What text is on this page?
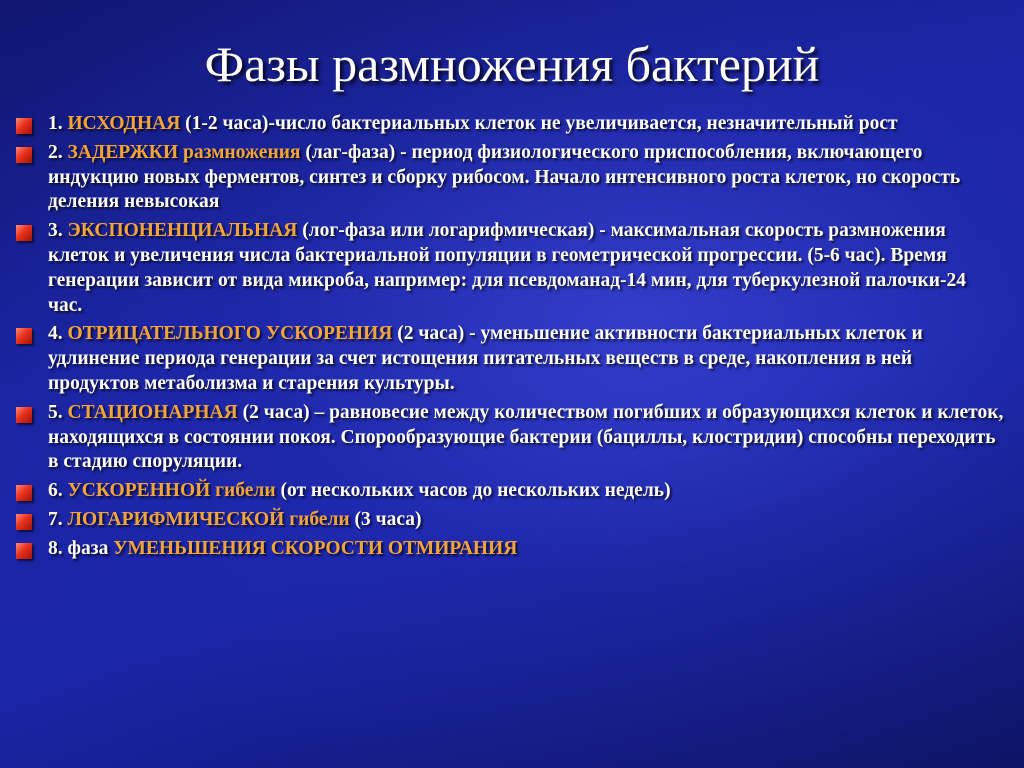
Фазы размножения бактерий
1. ИСХОДНАЯ (1-2 часа)-число бактериальных клеток не увеличивается, незначительный рост
2. ЗАДЕРЖКИ размножения (лаг-фаза) - период физиологического приспособления, включающего индукцию новых ферментов, синтез и сборку рибосом. Начало интенсивного роста клеток, но скорость деления невысокая
3. ЭКСПОНЕНЦИАЛЬНАЯ (лог-фаза или логарифмическая) - максимальная скорость размножения клеток и увеличения числа бактериальной популяции в геометрической прогрессии. (5-6 час). Время генерации зависит от вида микроба, например: для псевдоманад-14 мин, для туберкулезной палочки-24 час.
4. ОТРИЦАТЕЛЬНОГО УСКОРЕНИЯ (2 часа) - уменьшение активности бактериальных клеток и удлинение периода генерации за счет истощения питательных веществ в среде, накопления в ней продуктов метаболизма и старения культуры.
5. СТАЦИОНАРНАЯ (2 часа) – равновесие между количеством погибших и образующихся клеток и клеток, находящихся в состоянии покоя. Спорообразующие бактерии (бациллы, клостридии) способны переходить в стадию споруляции.
6. УСКОРЕННОЙ гибели (от нескольких часов до нескольких недель)
7. ЛОГАРИФМИЧЕСКОЙ гибели (3 часа)
8. фаза УМЕНЬШЕНИЯ СКОРОСТИ ОТМИРАНИЯ
